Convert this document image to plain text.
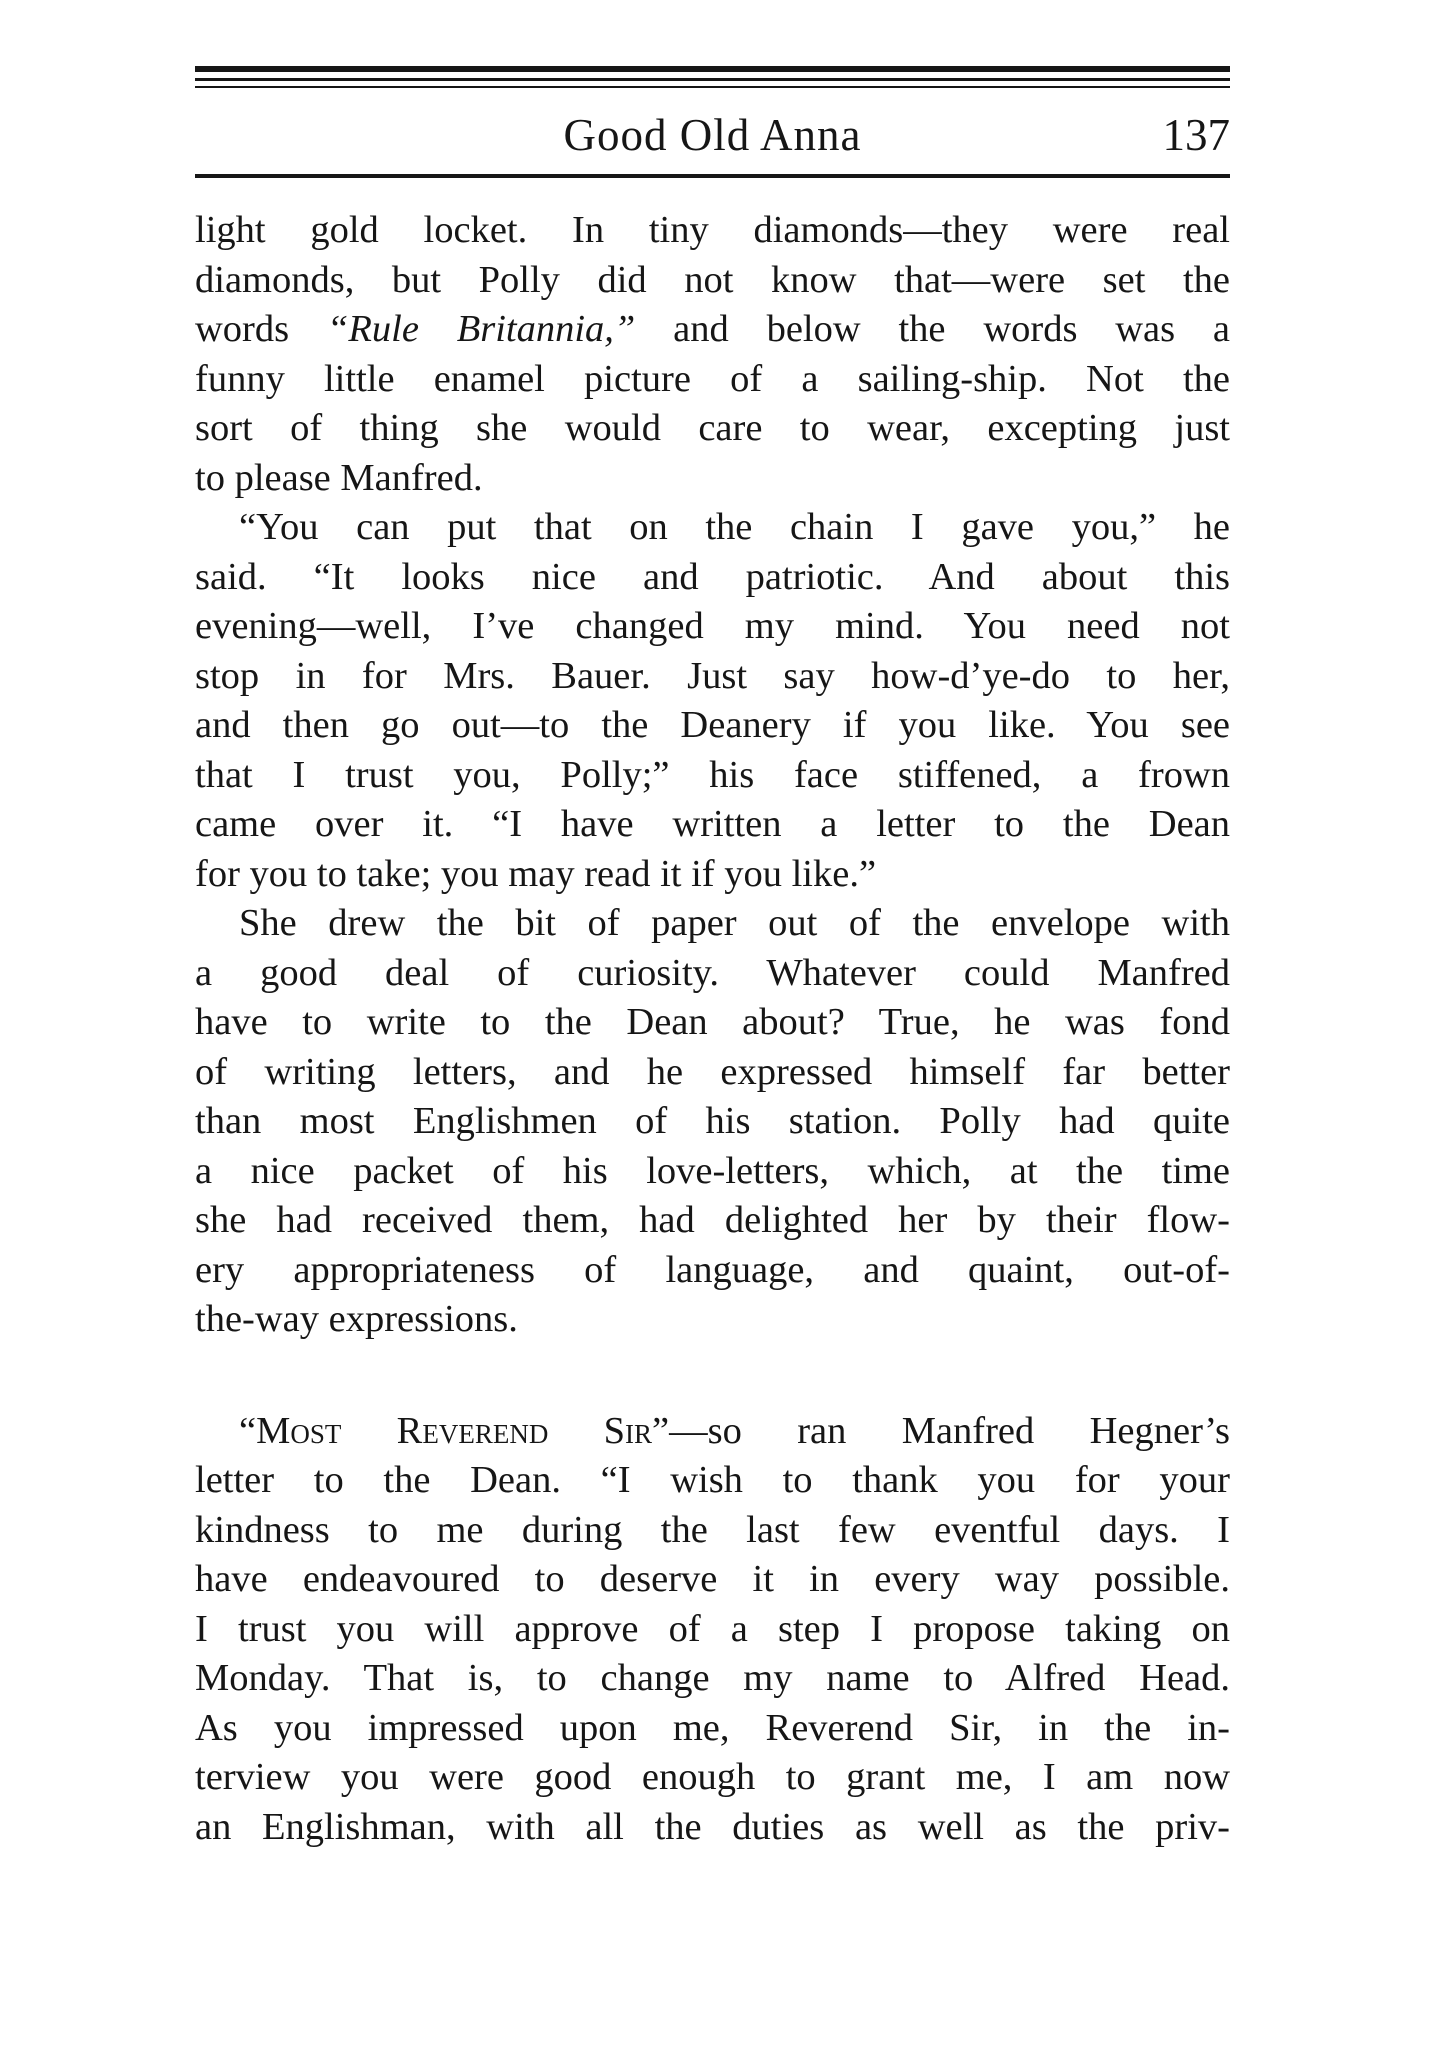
Good Old Anna	137
light gold locket. In tiny diamonds—they were real
diamonds, but Polly did not know that—were set the
words “Rule Britannia,” and below the words was a
funny little enamel picture of a sailing-ship. Not the
sort of thing she would care to wear, excepting just
to please Manfred.
“You can put that on the chain I gave you,” he
said. “It looks nice and patriotic. And about this
evening—well, I’ve changed my mind. You need not
stop in for Mrs. Bauer. Just say how-d’ye-do to her,
and then go out—to the Deanery if you like. You see
that I trust you, Polly;” his face stiffened, a frown
came over it. “I have written a letter to the Dean
for you to take; you may read it if you like.”
She drew the bit of paper out of the envelope with
a good deal of curiosity. Whatever could Manfred
have to write to the Dean about? True, he was fond
of writing letters, and he expressed himself far better
than most Englishmen of his station. Polly had quite
a nice packet of his love-letters, which, at the time
she had received them, had delighted her by their flow-
ery appropriateness of language, and quaint, out-of-
the-way expressions.
“Most Reverend Sir”—so ran Manfred Hegner’s
letter to the Dean. “I wish to thank you for your
kindness to me during the last few eventful days. I
have endeavoured to deserve it in every way possible.
I trust you will approve of a step I propose taking on
Monday. That is, to change my name to Alfred Head.
As you impressed upon me, Reverend Sir, in the in-
terview you were good enough to grant me, I am now
an Englishman, with all the duties as well as the priv-
